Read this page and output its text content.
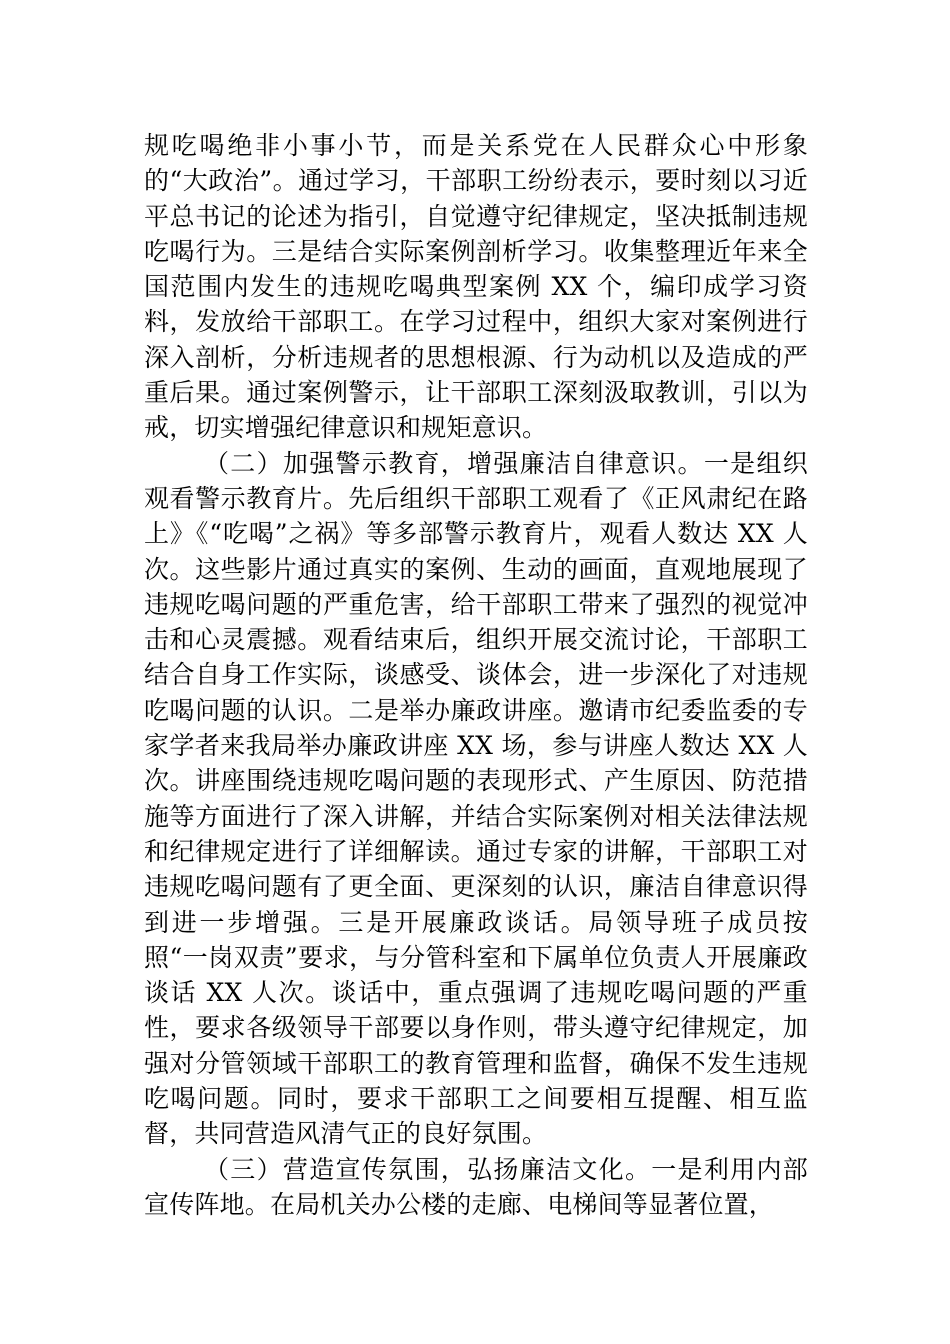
规吃喝绝非小事小节，而是关系党在人民群众心中形象的“大政治”。通过学习，干部职工纷纷表示，要时刻以习近平总书记的论述为指引，自觉遵守纪律规定，坚决抵制违规吃喝行为。三是结合实际案例剖析学习。收集整理近年来全国范围内发生的违规吃喝典型案例 XX 个，编印成学习资料，发放给干部职工。在学习过程中，组织大家对案例进行深入剖析，分析违规者的思想根源、行为动机以及造成的严重后果。通过案例警示，让干部职工深刻汲取教训，引以为戒，切实增强纪律意识和规矩意识。

（二）加强警示教育，增强廉洁自律意识。一是组织观看警示教育片。先后组织干部职工观看了《正风肃纪在路上》《“吃喝”之祸》等多部警示教育片，观看人数达 XX 人次。这些影片通过真实的案例、生动的画面，直观地展现了违规吃喝问题的严重危害，给干部职工带来了强烈的视觉冲击和心灵震撼。观看结束后，组织开展交流讨论，干部职工结合自身工作实际，谈感受、谈体会，进一步深化了对违规吃喝问题的认识。二是举办廉政讲座。邀请市纪委监委的专家学者来我局举办廉政讲座 XX 场，参与讲座人数达 XX 人次。讲座围绕违规吃喝问题的表现形式、产生原因、防范措施等方面进行了深入讲解，并结合实际案例对相关法律法规和纪律规定进行了详细解读。通过专家的讲解，干部职工对违规吃喝问题有了更全面、更深刻的认识，廉洁自律意识得到进一步增强。三是开展廉政谈话。局领导班子成员按照“一岗双责”要求，与分管科室和下属单位负责人开展廉政谈话 XX 人次。谈话中，重点强调了违规吃喝问题的严重性，要求各级领导干部要以身作则，带头遵守纪律规定，加强对分管领域干部职工的教育管理和监督，确保不发生违规吃喝问题。同时，要求干部职工之间要相互提醒、相互监督，共同营造风清气正的良好氛围。

（三）营造宣传氛围，弘扬廉洁文化。一是利用内部宣传阵地。在局机关办公楼的走廊、电梯间等显著位置，
